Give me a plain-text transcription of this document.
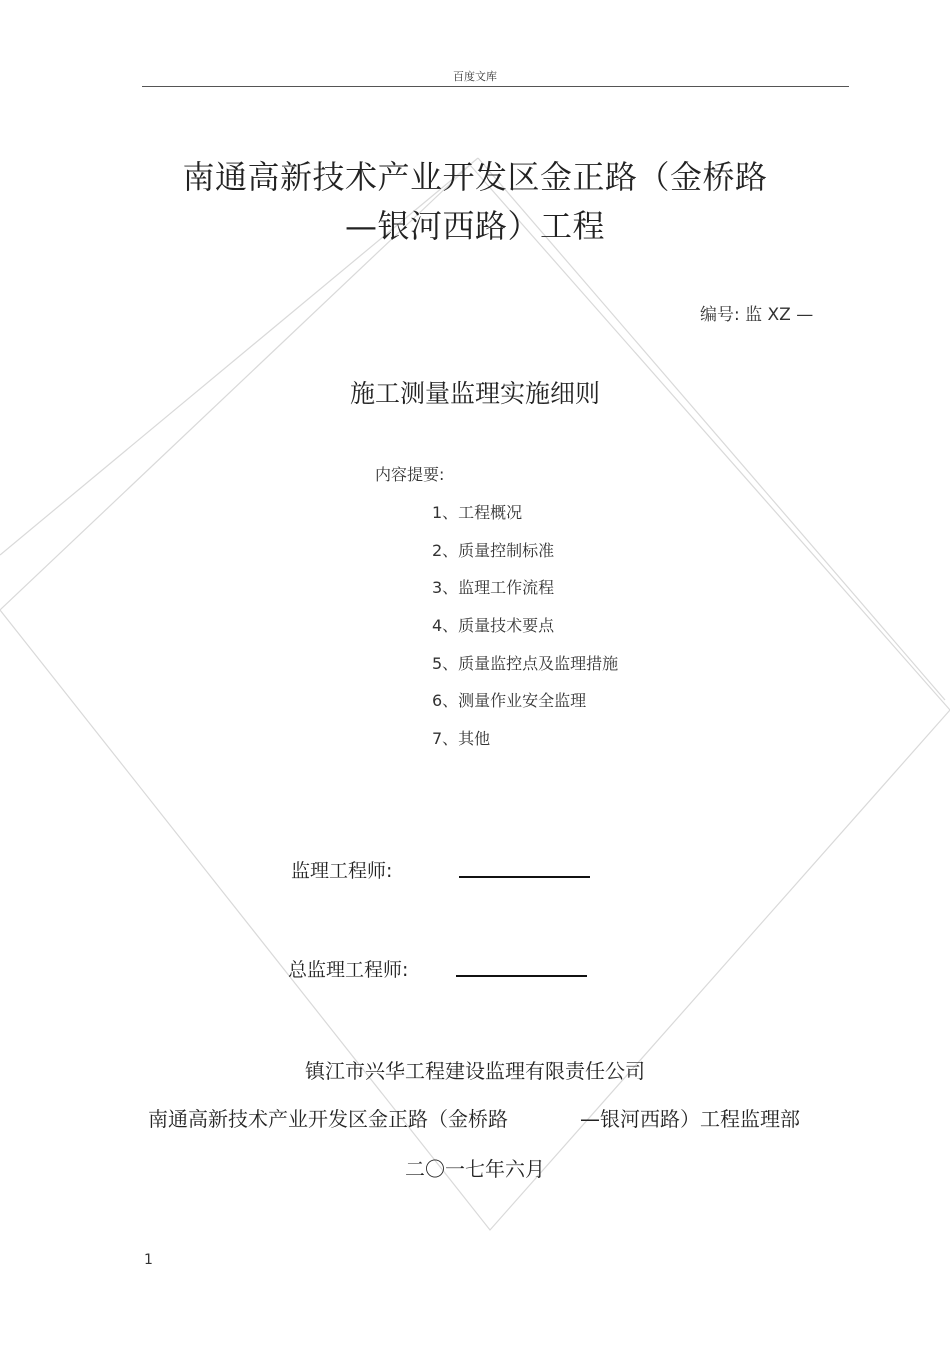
百度文库
南通高新技术产业开发区金正路（金桥路
—银河西路）工程
编号: 监 XZ —
施工测量监理实施细则
内容提要:
1、工程概况
2、质量控制标准
3、监理工作流程
4、质量技术要点
5、质量监控点及监理措施
6、测量作业安全监理
7、其他
监理工程师:
总监理工程师:
镇江市兴华工程建设监理有限责任公司
南通高新技术产业开发区金正路（金桥路	—银河西路）工程监理部
二〇一七年六月
1
